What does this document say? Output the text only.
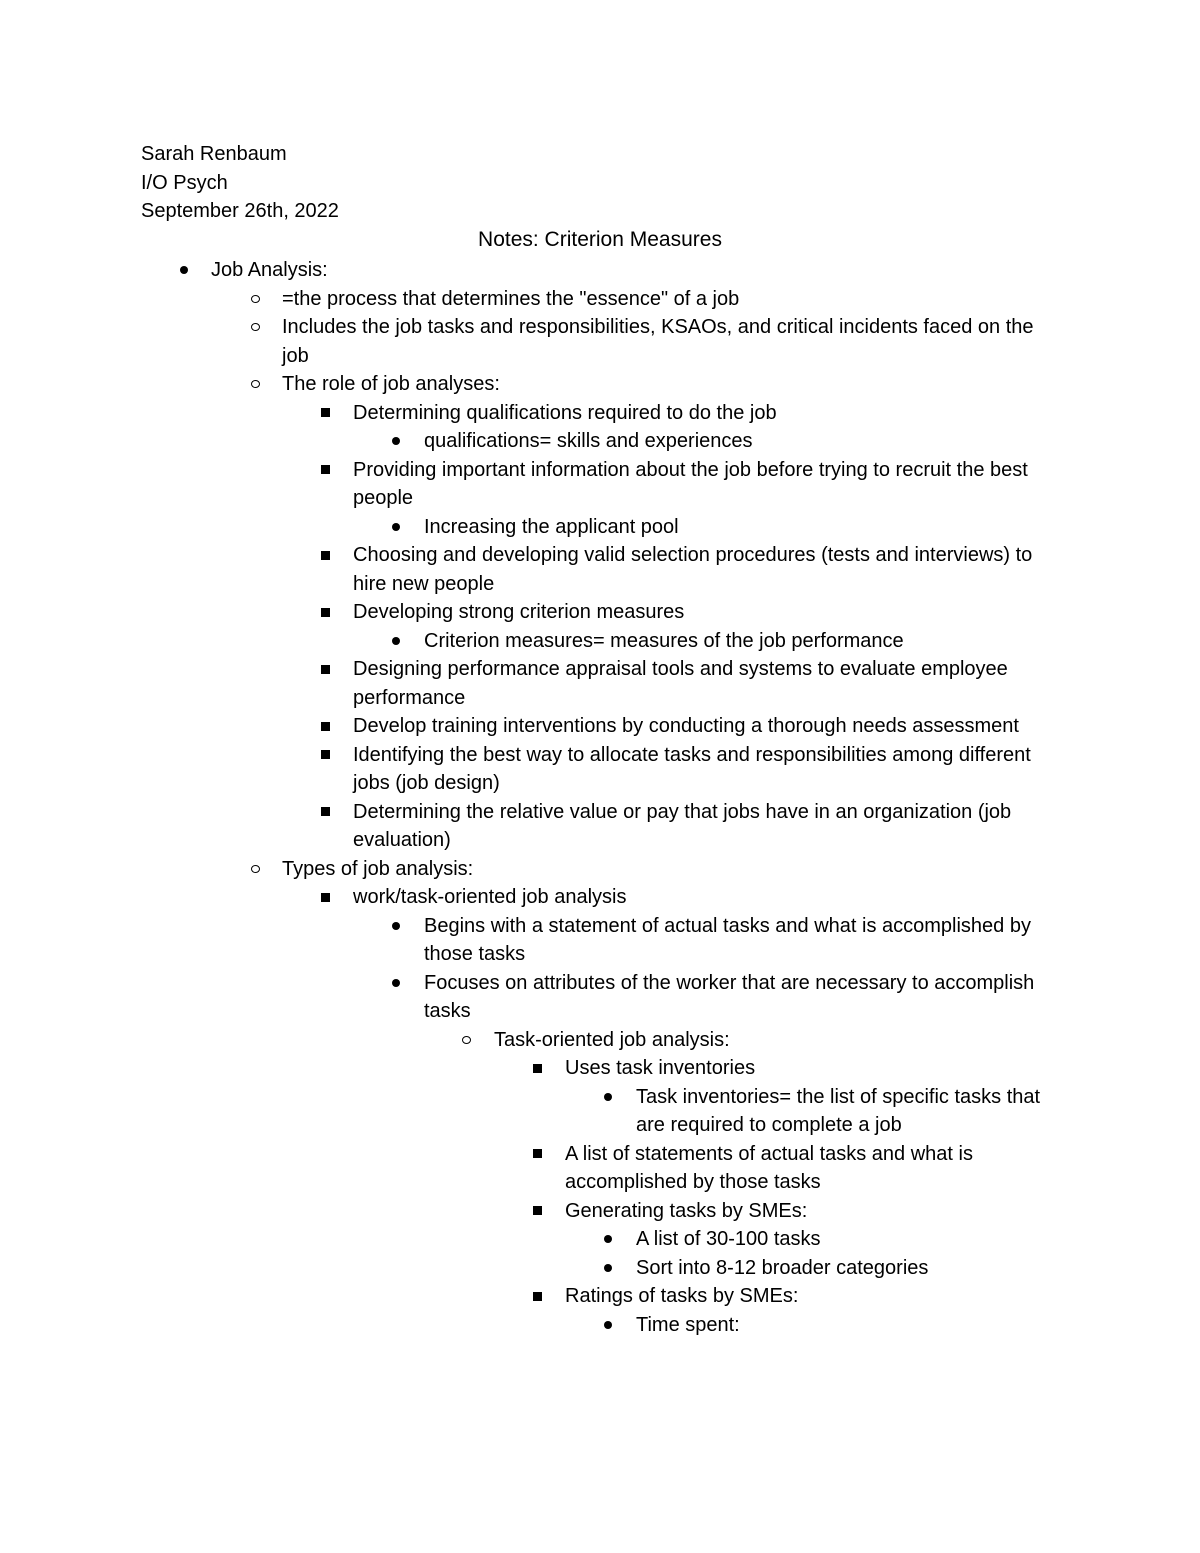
Sarah Renbaum
I/O Psych
September 26th, 2022
Notes: Criterion Measures
Job Analysis:
=the process that determines the "essence" of a job
Includes the job tasks and responsibilities, KSAOs, and critical incidents faced on the job
The role of job analyses:
Determining qualifications required to do the job
qualifications= skills and experiences
Providing important information about the job before trying to recruit the best people
Increasing the applicant pool
Choosing and developing valid selection procedures (tests and interviews) to hire new people
Developing strong criterion measures
Criterion measures= measures of the job performance
Designing performance appraisal tools and systems to evaluate employee performance
Develop training interventions by conducting a thorough needs assessment
Identifying the best way to allocate tasks and responsibilities among different jobs (job design)
Determining the relative value or pay that jobs have in an organization (job evaluation)
Types of job analysis:
work/task-oriented job analysis
Begins with a statement of actual tasks and what is accomplished by those tasks
Focuses on attributes of the worker that are necessary to accomplish tasks
Task-oriented job analysis:
Uses task inventories
Task inventories= the list of specific tasks that are required to complete a job
A list of statements of actual tasks and what is accomplished by those tasks
Generating tasks by SMEs:
A list of 30-100 tasks
Sort into 8-12 broader categories
Ratings of tasks by SMEs:
Time spent:
